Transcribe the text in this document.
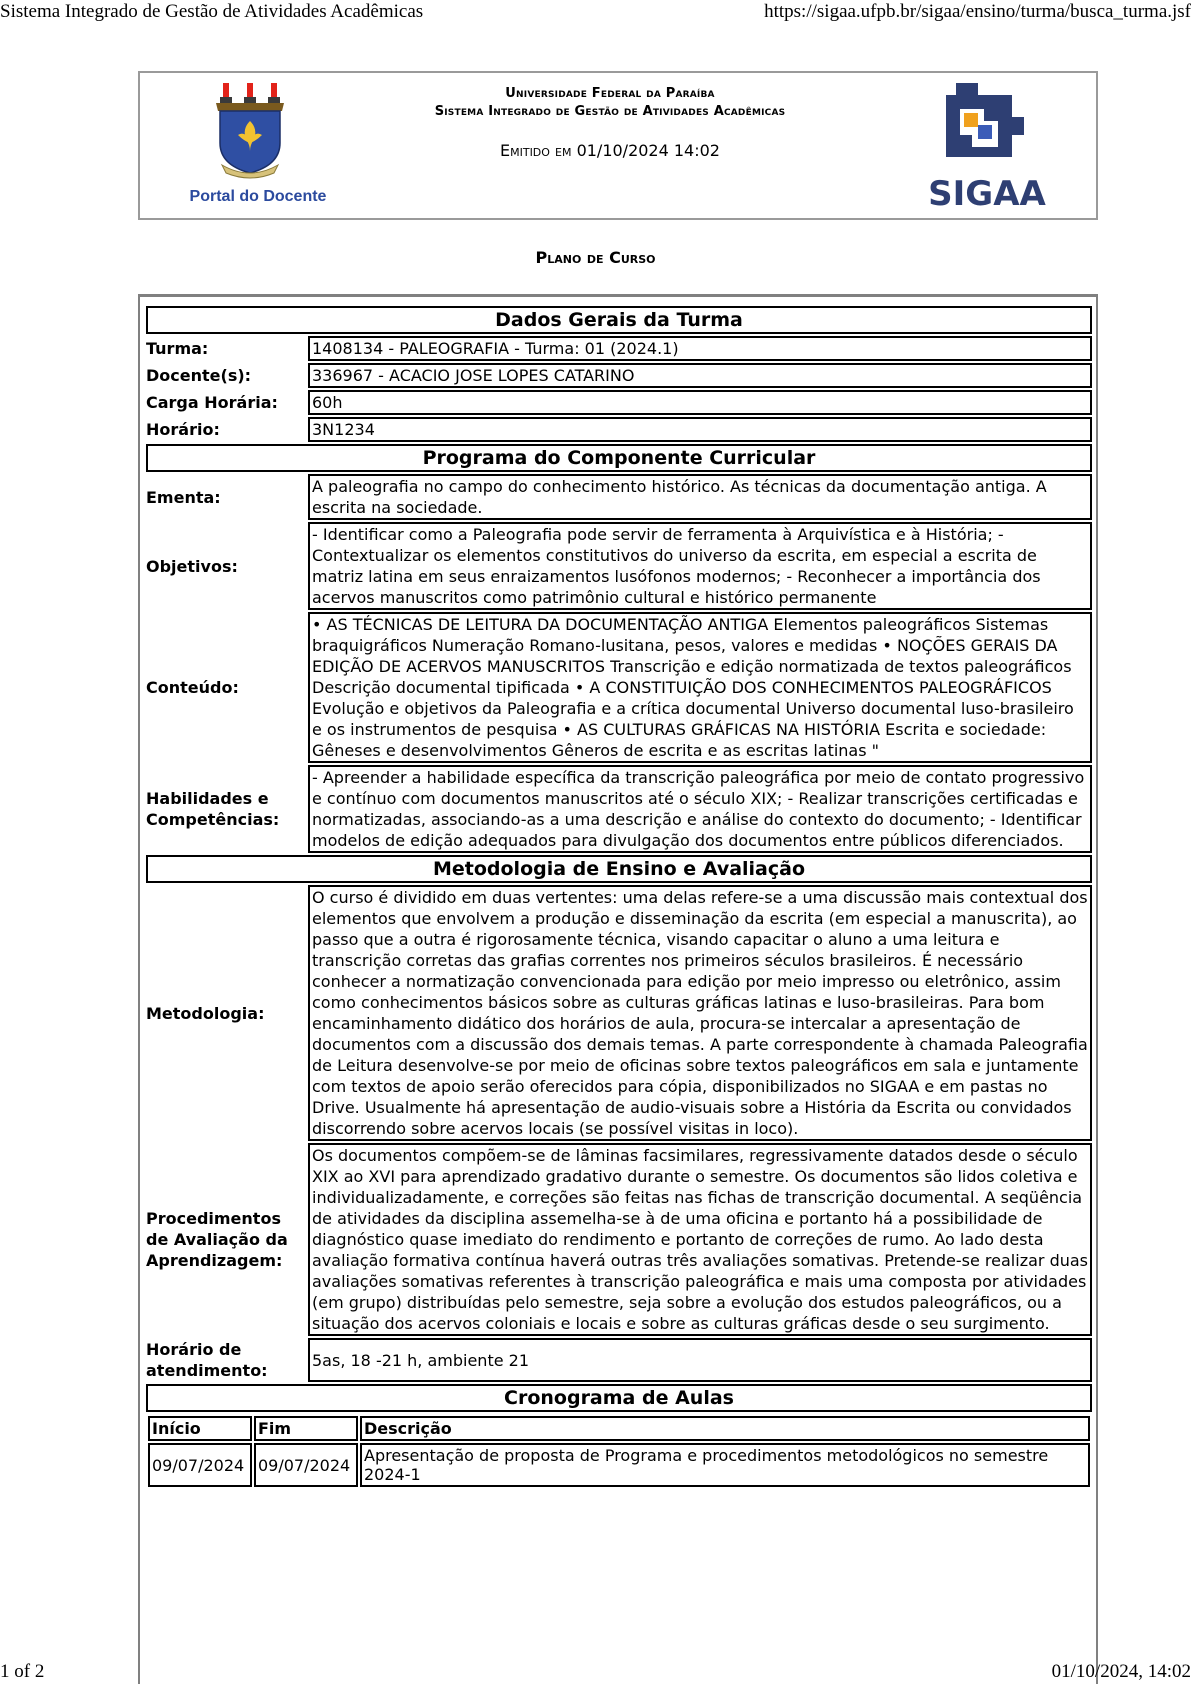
Sistema Integrado de Gestão de Atividades Acadêmicas	https://sigaa.ufpb.br/sigaa/ensino/turma/busca_turma.jsf
Portal do Docente
Universidade Federal da Paraíba
Sistema Integrado de Gestão de Atividades Acadêmicas
Emitido em 01/10/2024 14:02
SIGAA
Plano de Curso
Dados Gerais da Turma
Turma:	1408134 - PALEOGRAFIA - Turma: 01 (2024.1)
Docente(s):	336967 - ACACIO JOSE LOPES CATARINO
Carga Horária:	60h
Horário:	3N1234
Programa do Componente Curricular
Ementa:	A paleografia no campo do conhecimento histórico. As técnicas da documentação antiga. A escrita na sociedade.
Objetivos:	- Identificar como a Paleografia pode servir de ferramenta à Arquivística e à História; - Contextualizar os elementos constitutivos do universo da escrita, em especial a escrita de matriz latina em seus enraizamentos lusófonos modernos; - Reconhecer a importância dos acervos manuscritos como patrimônio cultural e histórico permanente
Conteúdo:	• AS TÉCNICAS DE LEITURA DA DOCUMENTAÇÃO ANTIGA Elementos paleográficos Sistemas braquigráficos Numeração Romano-lusitana, pesos, valores e medidas • NOÇÕES GERAIS DA EDIÇÃO DE ACERVOS MANUSCRITOS Transcrição e edição normatizada de textos paleográficos Descrição documental tipificada • A CONSTITUIÇÃO DOS CONHECIMENTOS PALEOGRÁFICOS Evolução e objetivos da Paleografia e a crítica documental Universo documental luso-brasileiro e os instrumentos de pesquisa • AS CULTURAS GRÁFICAS NA HISTÓRIA Escrita e sociedade: Gêneses e desenvolvimentos Gêneros de escrita e as escritas latinas "
Habilidades e Competências:	- Apreender a habilidade específica da transcrição paleográfica por meio de contato progressivo e contínuo com documentos manuscritos até o século XIX; - Realizar transcrições certificadas e normatizadas, associando-as a uma descrição e análise do contexto do documento; - Identificar modelos de edição adequados para divulgação dos documentos entre públicos diferenciados.
Metodologia de Ensino e Avaliação
Metodologia:	O curso é dividido em duas vertentes: uma delas refere-se a uma discussão mais contextual dos elementos que envolvem a produção e disseminação da escrita (em especial a manuscrita), ao passo que a outra é rigorosamente técnica, visando capacitar o aluno a uma leitura e transcrição corretas das grafias correntes nos primeiros séculos brasileiros. É necessário conhecer a normatização convencionada para edição por meio impresso ou eletrônico, assim como conhecimentos básicos sobre as culturas gráficas latinas e luso-brasileiras. Para bom encaminhamento didático dos horários de aula, procura-se intercalar a apresentação de documentos com a discussão dos demais temas. A parte correspondente à chamada Paleografia de Leitura desenvolve-se por meio de oficinas sobre textos paleográficos em sala e juntamente com textos de apoio serão oferecidos para cópia, disponibilizados no SIGAA e em pastas no Drive. Usualmente há apresentação de audio-visuais sobre a História da Escrita ou convidados discorrendo sobre acervos locais (se possível visitas in loco).
Procedimentos de Avaliação da Aprendizagem:	Os documentos compõem-se de lâminas facsimilares, regressivamente datados desde o século XIX ao XVI para aprendizado gradativo durante o semestre. Os documentos são lidos coletiva e individualizadamente, e correções são feitas nas fichas de transcrição documental. A seqüência de atividades da disciplina assemelha-se à de uma oficina e portanto há a possibilidade de diagnóstico quase imediato do rendimento e portanto de correções de rumo. Ao lado desta avaliação formativa contínua haverá outras três avaliações somativas. Pretende-se realizar duas avaliações somativas referentes à transcrição paleográfica e mais uma composta por atividades (em grupo) distribuídas pelo semestre, seja sobre a evolução dos estudos paleográficos, ou a situação dos acervos coloniais e locais e sobre as culturas gráficas desde o seu surgimento.
Horário de atendimento:	5as, 18 -21 h, ambiente 21
Cronograma de Aulas

Início	Fim	Descrição
09/07/2024	09/07/2024	Apresentação de proposta de Programa e procedimentos metodológicos no semestre 2024-1
1 of 2	01/10/2024, 14:02
